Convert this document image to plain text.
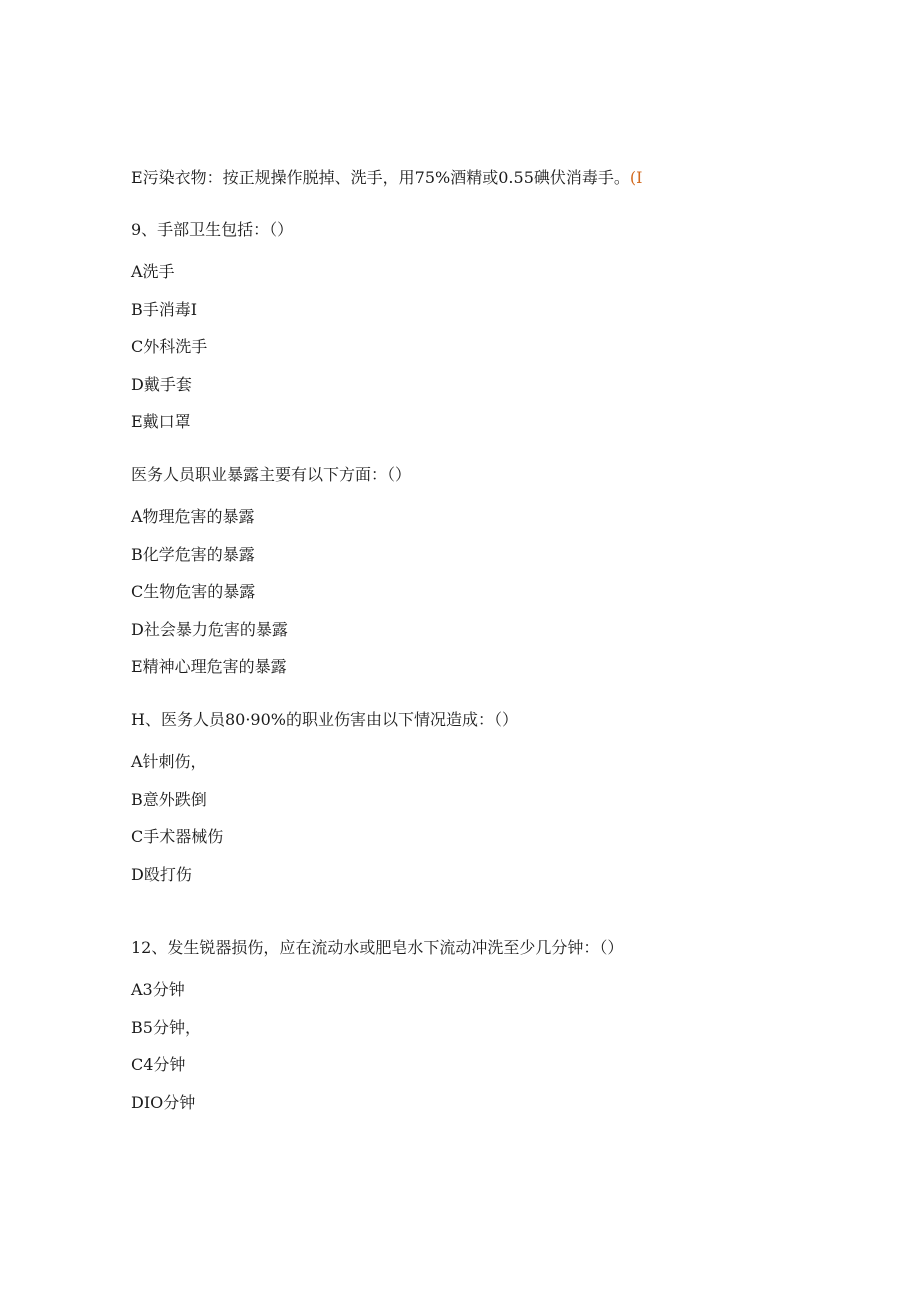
E污染衣物：按正规操作脱掉、洗手，用75%酒精或0.55碘伏消毒手。(I
9、手部卫生包括：（）
A洗手
B手消毒I
C外科洗手
D戴手套
E戴口罩
医务人员职业暴露主要有以下方面：（）
A物理危害的暴露
B化学危害的暴露
C生物危害的暴露
D社会暴力危害的暴露
E精神心理危害的暴露
H、医务人员80·90%的职业伤害由以下情况造成：（）
A针刺伤，
B意外跌倒
C手术器械伤
D殴打伤
12、发生锐器损伤，应在流动水或肥皂水下流动冲洗至少几分钟：（）
A3分钟
B5分钟，
C4分钟
DIO分钟
